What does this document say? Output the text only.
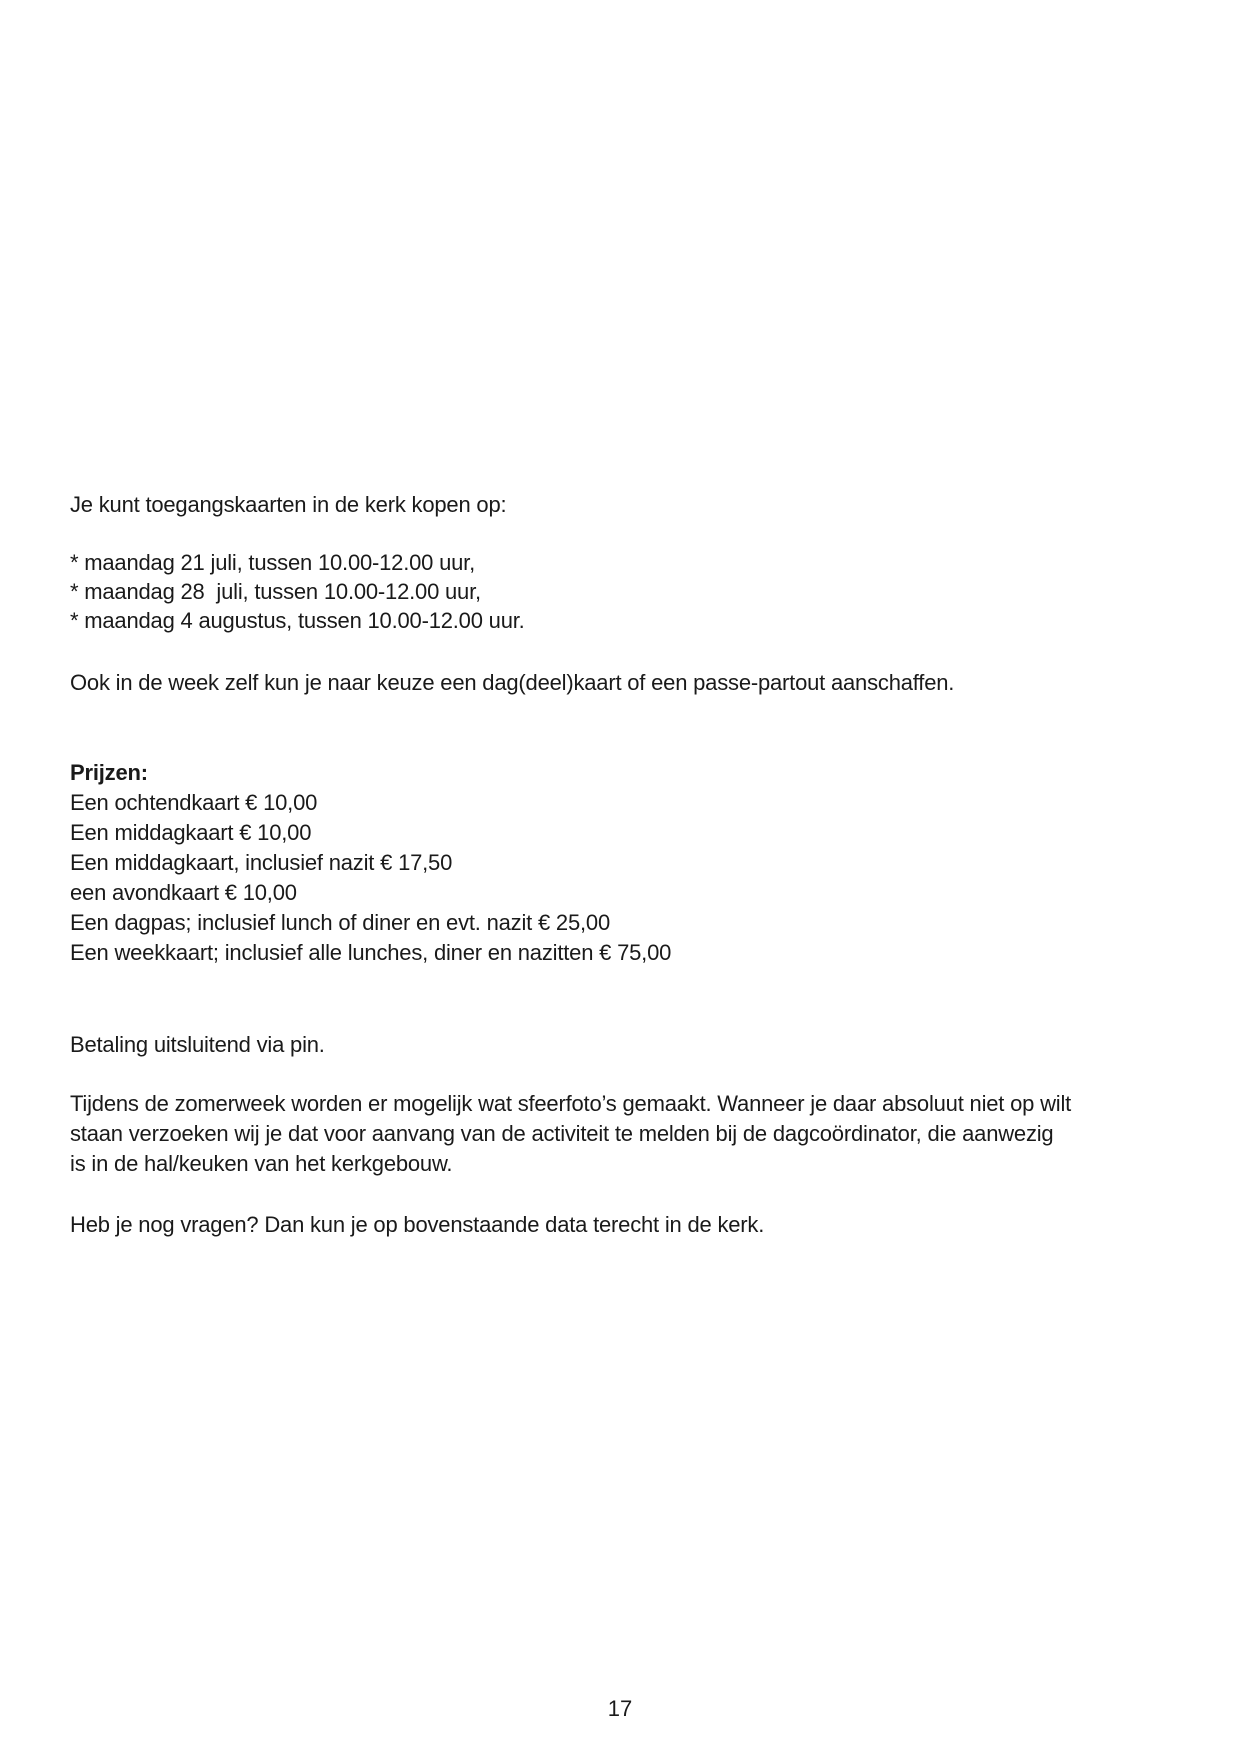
Je kunt toegangskaarten in de kerk kopen op:
* maandag 21 juli, tussen 10.00-12.00 uur,
* maandag 28  juli, tussen 10.00-12.00 uur,
* maandag 4 augustus, tussen 10.00-12.00 uur.
Ook in de week zelf kun je naar keuze een dag(deel)kaart of een passe-partout aanschaffen.
Prijzen:
Een ochtendkaart € 10,00
Een middagkaart € 10,00
Een middagkaart, inclusief nazit € 17,50
een avondkaart € 10,00
Een dagpas; inclusief lunch of diner en evt. nazit € 25,00
Een weekkaart; inclusief alle lunches, diner en nazitten € 75,00
Betaling uitsluitend via pin.
Tijdens de zomerweek worden er mogelijk wat sfeerfoto’s gemaakt. Wanneer je daar absoluut niet op wilt
staan verzoeken wij je dat voor aanvang van de activiteit te melden bij de dagcoördinator, die aanwezig
is in de hal/keuken van het kerkgebouw.
Heb je nog vragen? Dan kun je op bovenstaande data terecht in de kerk.
17
